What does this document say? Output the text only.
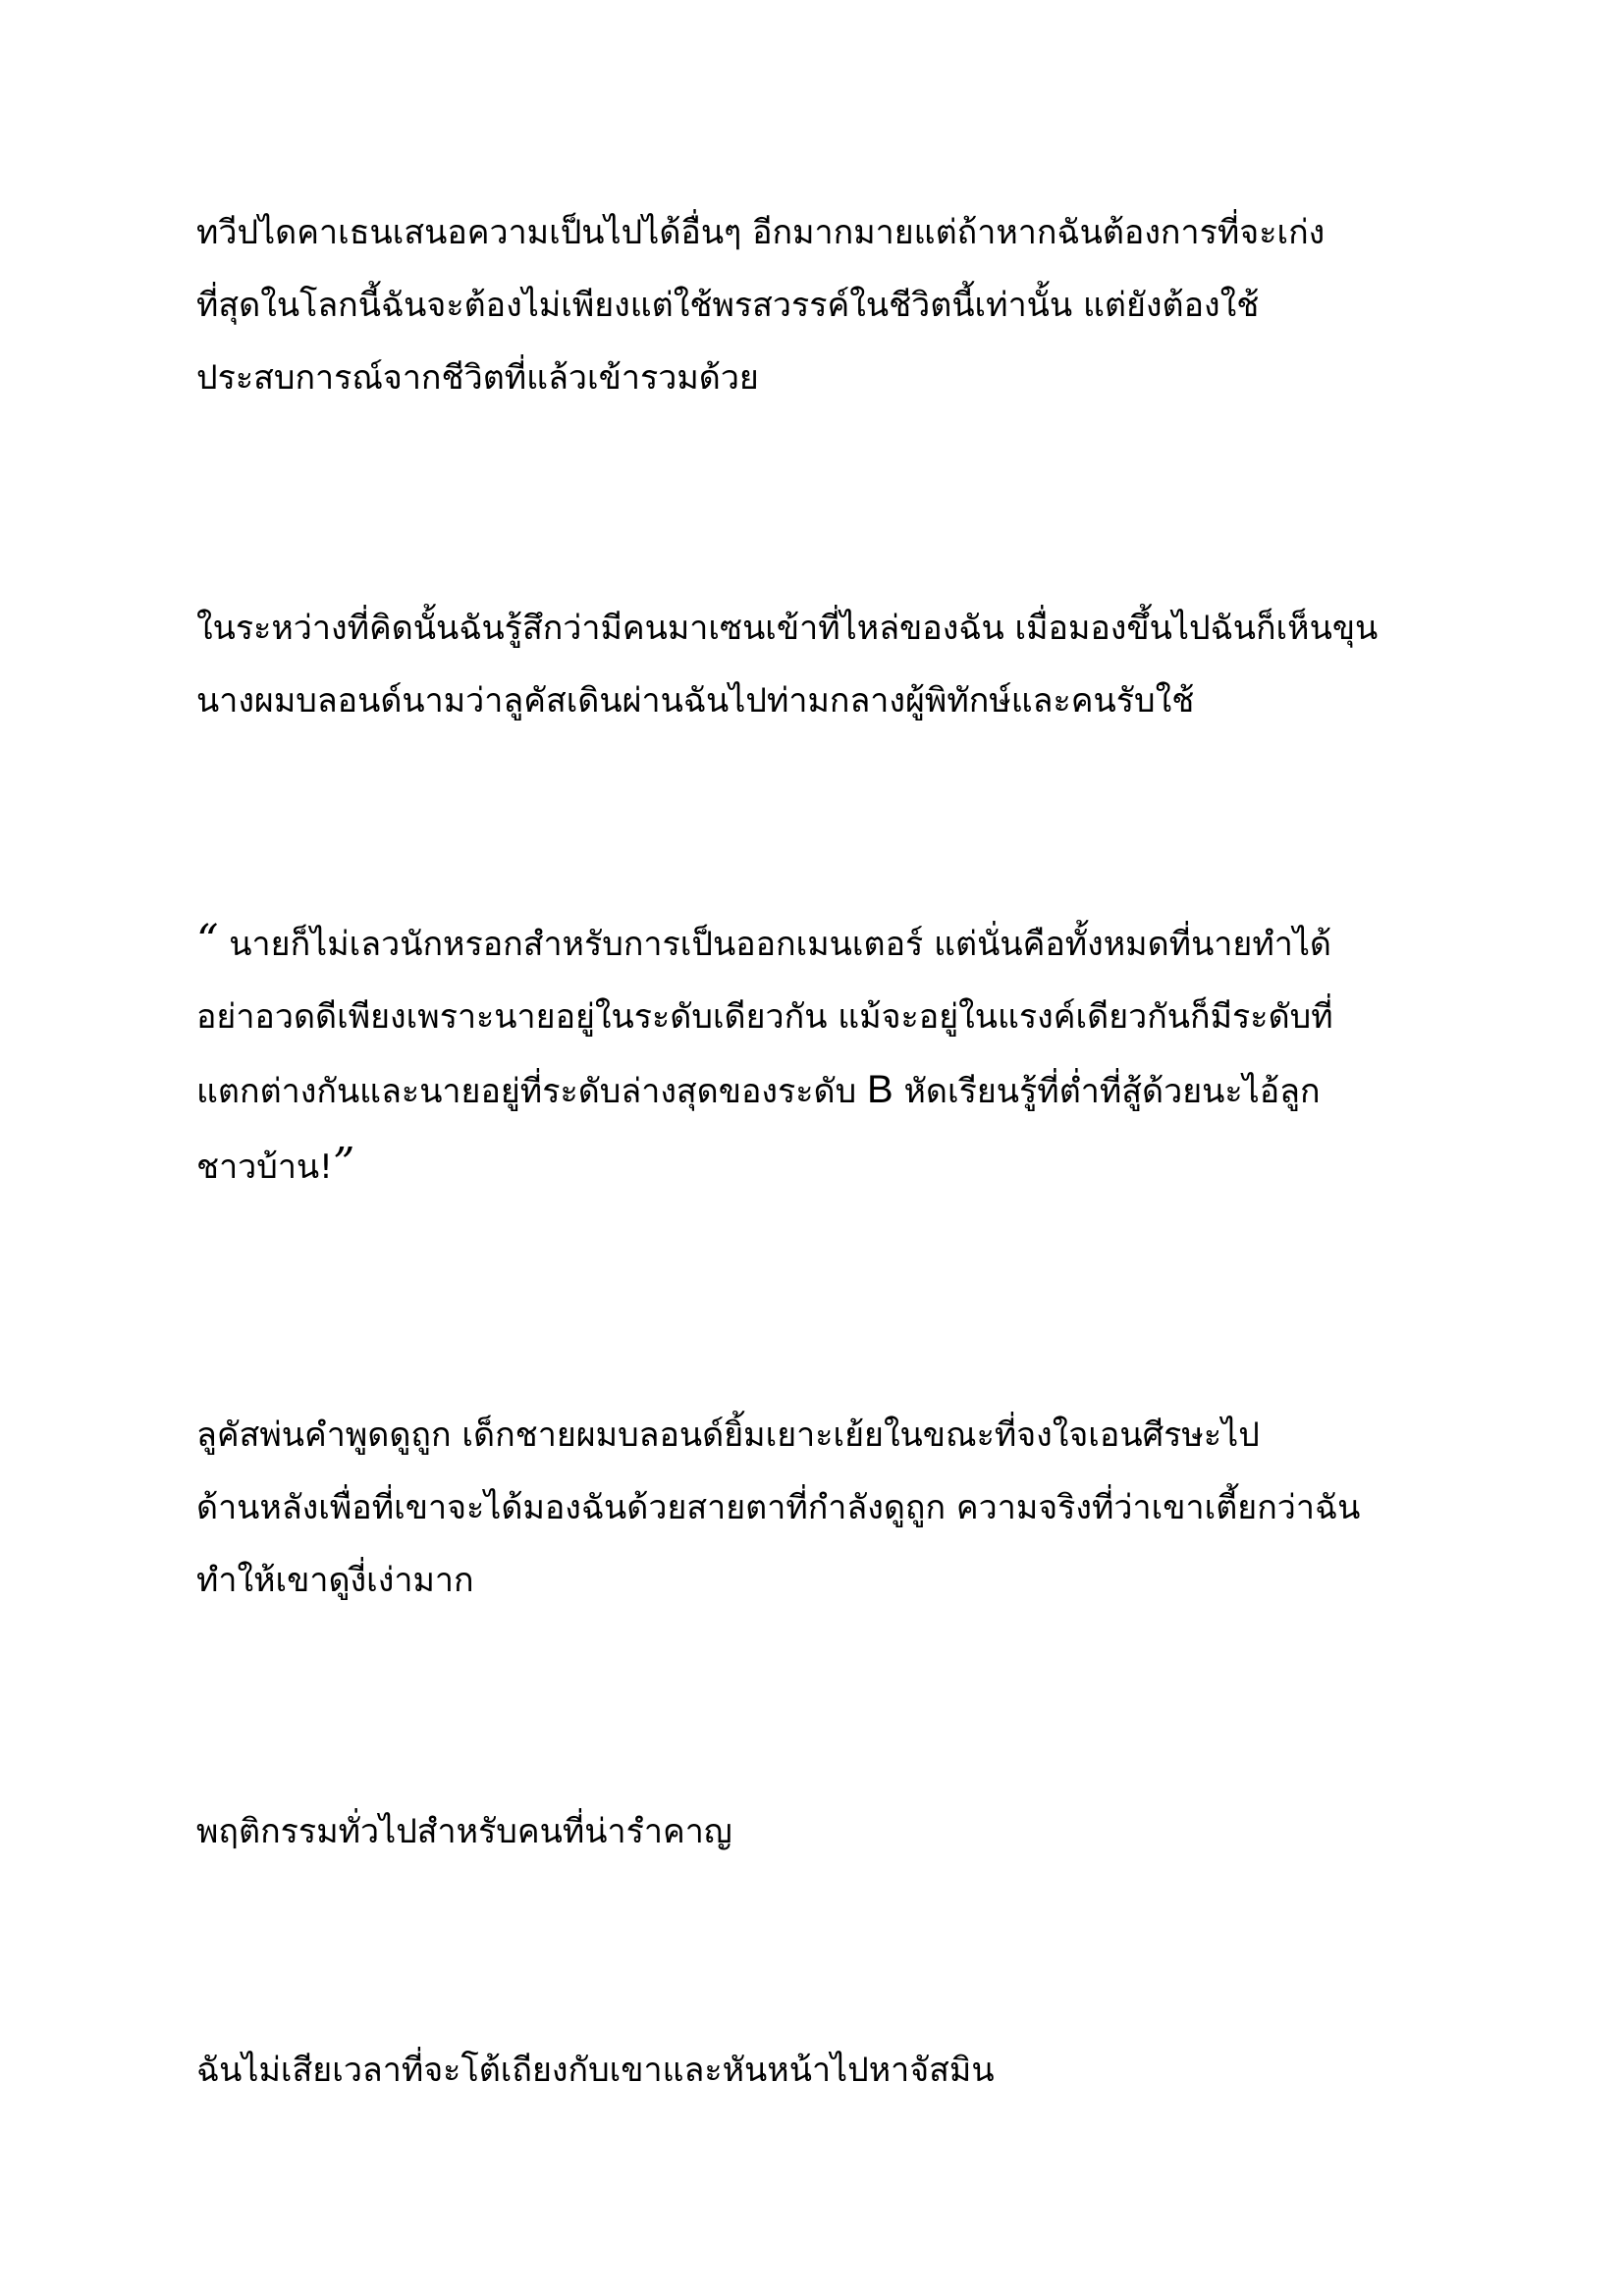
ทวีปไดคาเธนเสนอความเป็นไปได้อื่นๆ อีกมากมายแต่ถ้าหากฉันต้องการที่จะเก่ง
ที่สุดในโลกนี้ฉันจะต้องไม่เพียงแต่ใช้พรสวรรค์ในชีวิตนี้เท่านั้น แต่ยังต้องใช้
ประสบการณ์จากชีวิตที่แล้วเข้ารวมด้วย

ในระหว่างที่คิดนั้นฉันรู้สึกว่ามีคนมาเซนเข้าที่ไหล่ของฉัน เมื่อมองขึ้นไปฉันก็เห็นขุน
นางผมบลอนด์นามว่าลูคัสเดินผ่านฉันไปท่ามกลางผู้พิทักษ์และคนรับใช้

“ นายก็ไม่เลวนักหรอกสำหรับการเป็นออกเมนเตอร์ แต่นั่นคือทั้งหมดที่นายทำได้
อย่าอวดดีเพียงเพราะนายอยู่ในระดับเดียวกัน แม้จะอยู่ในแรงค์เดียวกันก็มีระดับที่
แตกต่างกันและนายอยู่ที่ระดับล่างสุดของระดับ B หัดเรียนรู้ที่ต่ำที่สู้ด้วยนะไอ้ลูก
ชาวบ้าน!”

ลูคัสพ่นคำพูดดูถูก เด็กชายผมบลอนด์ยิ้มเยาะเย้ยในขณะที่จงใจเอนศีรษะไป
ด้านหลังเพื่อที่เขาจะได้มองฉันด้วยสายตาที่กำลังดูถูก ความจริงที่ว่าเขาเตี้ยกว่าฉัน
ทำให้เขาดูงี่เง่ามาก

พฤติกรรมทั่วไปสำหรับคนที่น่ารำคาญ

ฉันไม่เสียเวลาที่จะโต้เถียงกับเขาและหันหน้าไปหาจัสมิน
